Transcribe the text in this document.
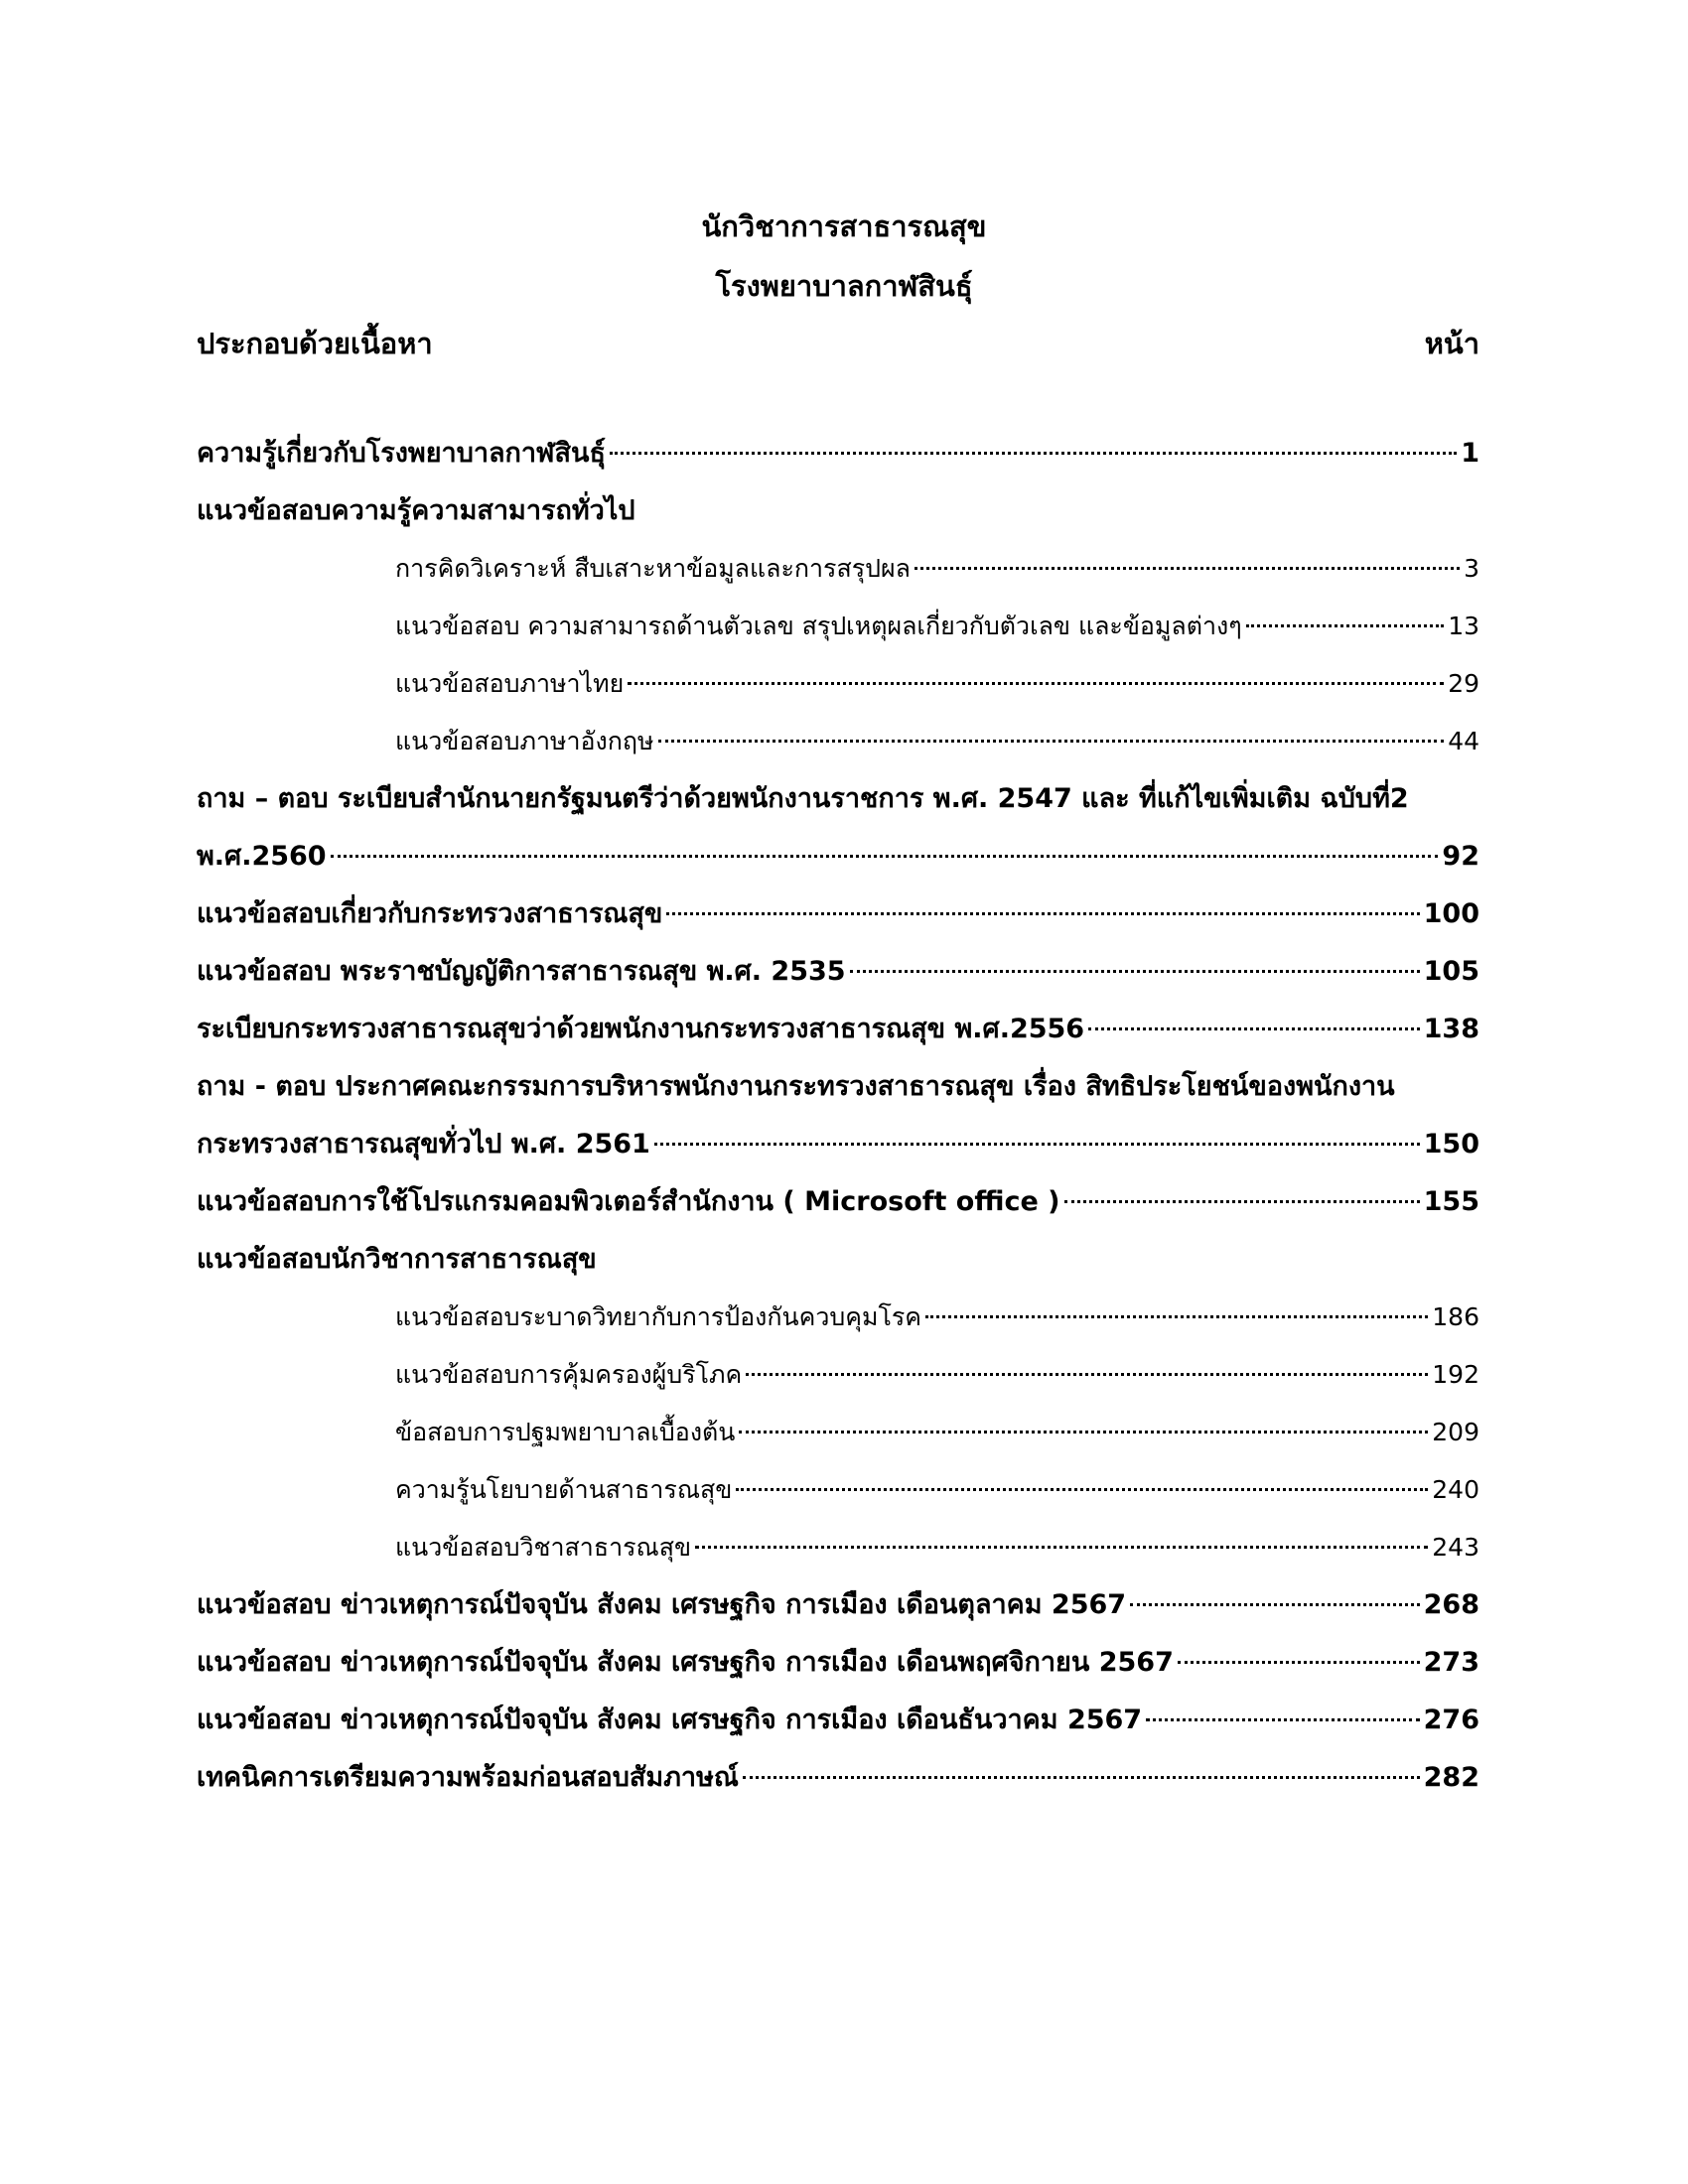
นักวิชาการสาธารณสุข
โรงพยาบาลกาฬสินธุ์
ประกอบด้วยเนื้อหา	หน้า
ความรู้เกี่ยวกับโรงพยาบาลกาฬสินธุ์	1
แนวข้อสอบความรู้ความสามารถทั่วไป
การคิดวิเคราะห์ สืบเสาะหาข้อมูลและการสรุปผล	3
แนวข้อสอบ ความสามารถด้านตัวเลข สรุปเหตุผลเกี่ยวกับตัวเลข และข้อมูลต่างๆ	13
แนวข้อสอบภาษาไทย	29
แนวข้อสอบภาษาอังกฤษ	44
ถาม – ตอบ ระเบียบสำนักนายกรัฐมนตรีว่าด้วยพนักงานราชการ พ.ศ. 2547 และ ที่แก้ไขเพิ่มเติม ฉบับที่2
พ.ศ.2560	92
แนวข้อสอบเกี่ยวกับกระทรวงสาธารณสุข	100
แนวข้อสอบ พระราชบัญญัติการสาธารณสุข พ.ศ. 2535	105
ระเบียบกระทรวงสาธารณสุขว่าด้วยพนักงานกระทรวงสาธารณสุข พ.ศ.2556	138
ถาม - ตอบ ประกาศคณะกรรมการบริหารพนักงานกระทรวงสาธารณสุข เรื่อง สิทธิประโยชน์ของพนักงาน
กระทรวงสาธารณสุขทั่วไป พ.ศ. 2561	150
แนวข้อสอบการใช้โปรแกรมคอมพิวเตอร์สำนักงาน ( Microsoft office )	155
แนวข้อสอบนักวิชาการสาธารณสุข
แนวข้อสอบระบาดวิทยากับการป้องกันควบคุมโรค	186
แนวข้อสอบการคุ้มครองผู้บริโภค	192
ข้อสอบการปฐมพยาบาลเบื้องต้น	209
ความรู้นโยบายด้านสาธารณสุข	240
แนวข้อสอบวิชาสาธารณสุข	243
แนวข้อสอบ ข่าวเหตุการณ์ปัจจุบัน สังคม เศรษฐกิจ การเมือง เดือนตุลาคม 2567	268
แนวข้อสอบ ข่าวเหตุการณ์ปัจจุบัน สังคม เศรษฐกิจ การเมือง เดือนพฤศจิกายน 2567	273
แนวข้อสอบ ข่าวเหตุการณ์ปัจจุบัน สังคม เศรษฐกิจ การเมือง เดือนธันวาคม 2567	276
เทคนิคการเตรียมความพร้อมก่อนสอบสัมภาษณ์	282
